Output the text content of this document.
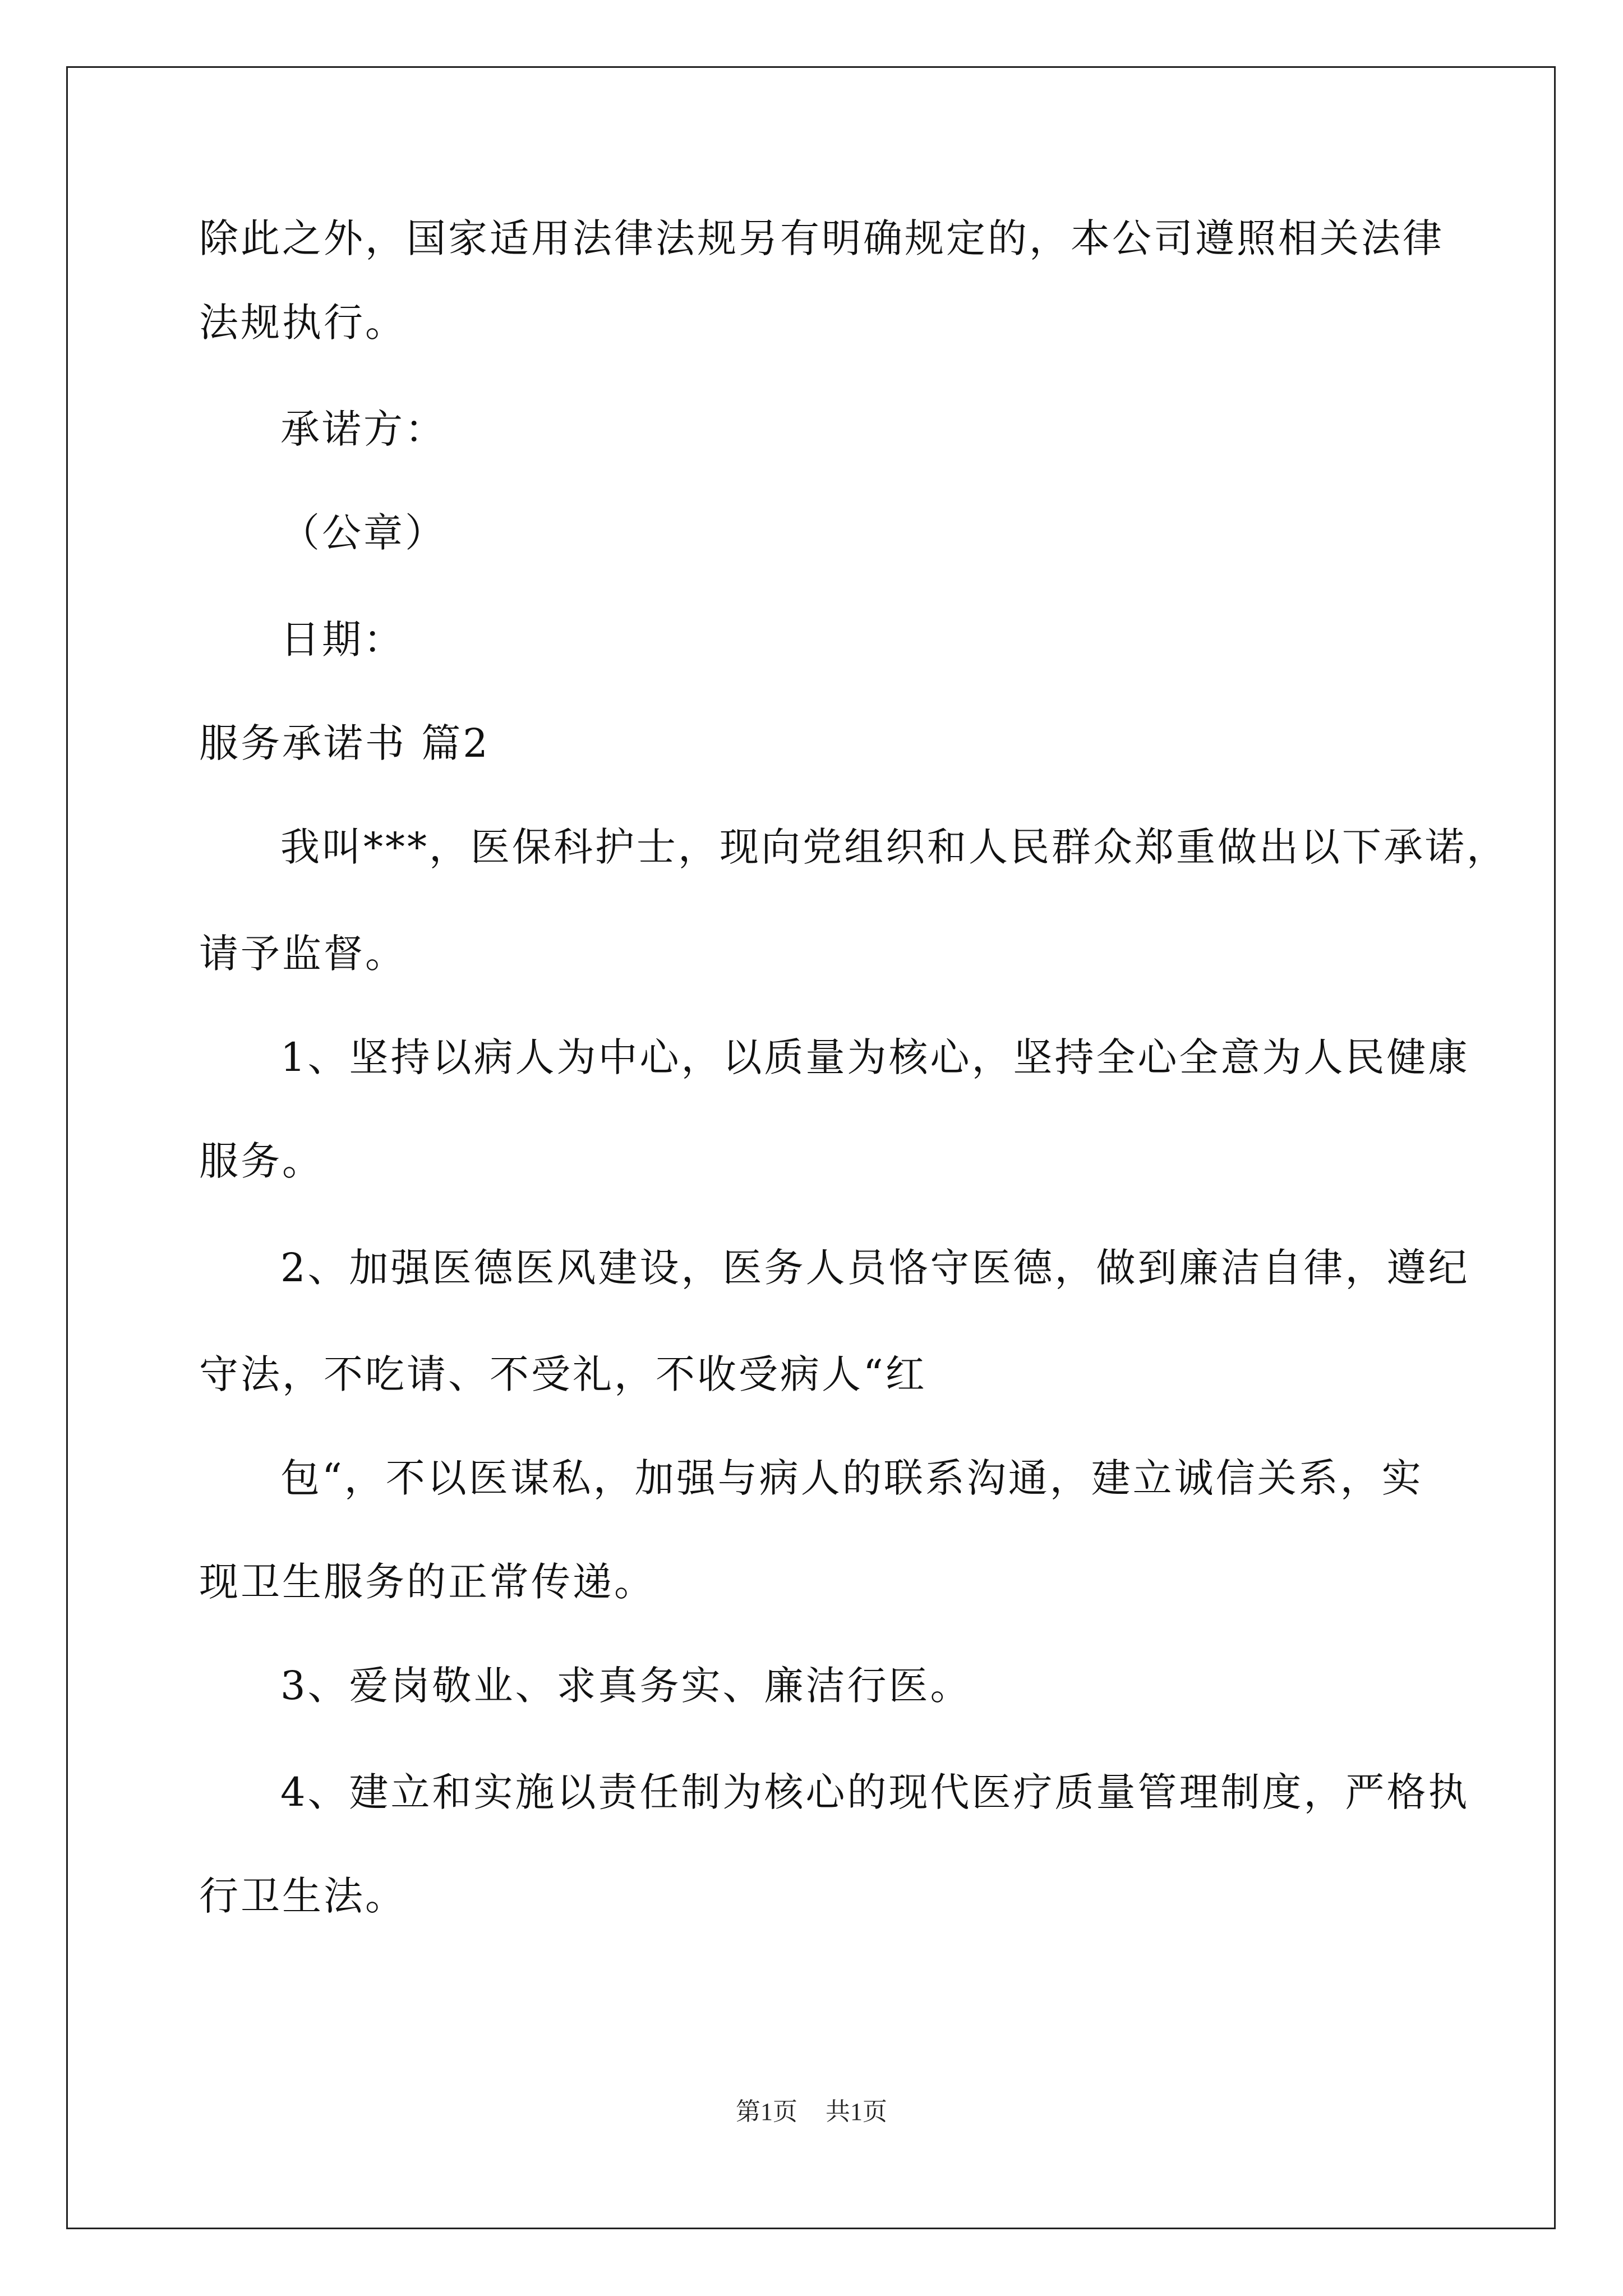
除此之外，国家适用法律法规另有明确规定的，本公司遵照相关法律
法规执行。
承诺方：
（公章）
日期：
服务承诺书 篇2
我叫***，医保科护士，现向党组织和人民群众郑重做出以下承诺，
请予监督。
1、坚持以病人为中心，以质量为核心，坚持全心全意为人民健康
服务。
2、加强医德医风建设，医务人员恪守医德，做到廉洁自律，遵纪
守法，不吃请、不受礼，不收受病人“红
包“，不以医谋私，加强与病人的联系沟通，建立诚信关系，实
现卫生服务的正常传递。
3、爱岗敬业、求真务实、廉洁行医。
4、建立和实施以责任制为核心的现代医疗质量管理制度，严格执
行卫生法。
第1页 共1页
